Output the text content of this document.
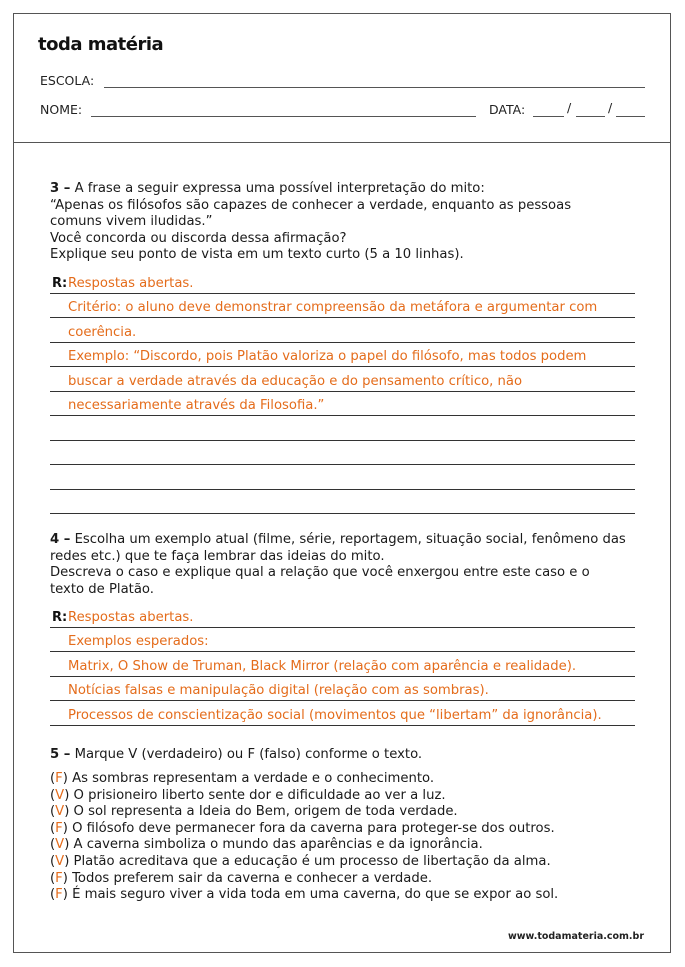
toda matéria
ESCOLA:
NOME:	DATA:	/	/
3 – A frase a seguir expressa uma possível interpretação do mito:
“Apenas os filósofos são capazes de conhecer a verdade, enquanto as pessoas
comuns vivem iludidas.”
Você concorda ou discorda dessa afirmação?
Explique seu ponto de vista em um texto curto (5 a 10 linhas).
R: Respostas abertas.
Critério: o aluno deve demonstrar compreensão da metáfora e argumentar com
coerência.
Exemplo: “Discordo, pois Platão valoriza o papel do filósofo, mas todos podem
buscar a verdade através da educação e do pensamento crítico, não
necessariamente através da Filosofia.”
4 – Escolha um exemplo atual (filme, série, reportagem, situação social, fenômeno das
redes etc.) que te faça lembrar das ideias do mito.
Descreva o caso e explique qual a relação que você enxergou entre este caso e o
texto de Platão.
R: Respostas abertas.
Exemplos esperados:
Matrix, O Show de Truman, Black Mirror (relação com aparência e realidade).
Notícias falsas e manipulação digital (relação com as sombras).
Processos de conscientização social (movimentos que “libertam” da ignorância).
5 – Marque V (verdadeiro) ou F (falso) conforme o texto.
(F) As sombras representam a verdade e o conhecimento.
(V) O prisioneiro liberto sente dor e dificuldade ao ver a luz.
(V) O sol representa a Ideia do Bem, origem de toda verdade.
(F) O filósofo deve permanecer fora da caverna para proteger-se dos outros.
(V) A caverna simboliza o mundo das aparências e da ignorância.
(V) Platão acreditava que a educação é um processo de libertação da alma.
(F) Todos preferem sair da caverna e conhecer a verdade.
(F) É mais seguro viver a vida toda em uma caverna, do que se expor ao sol.
www.todamateria.com.br
